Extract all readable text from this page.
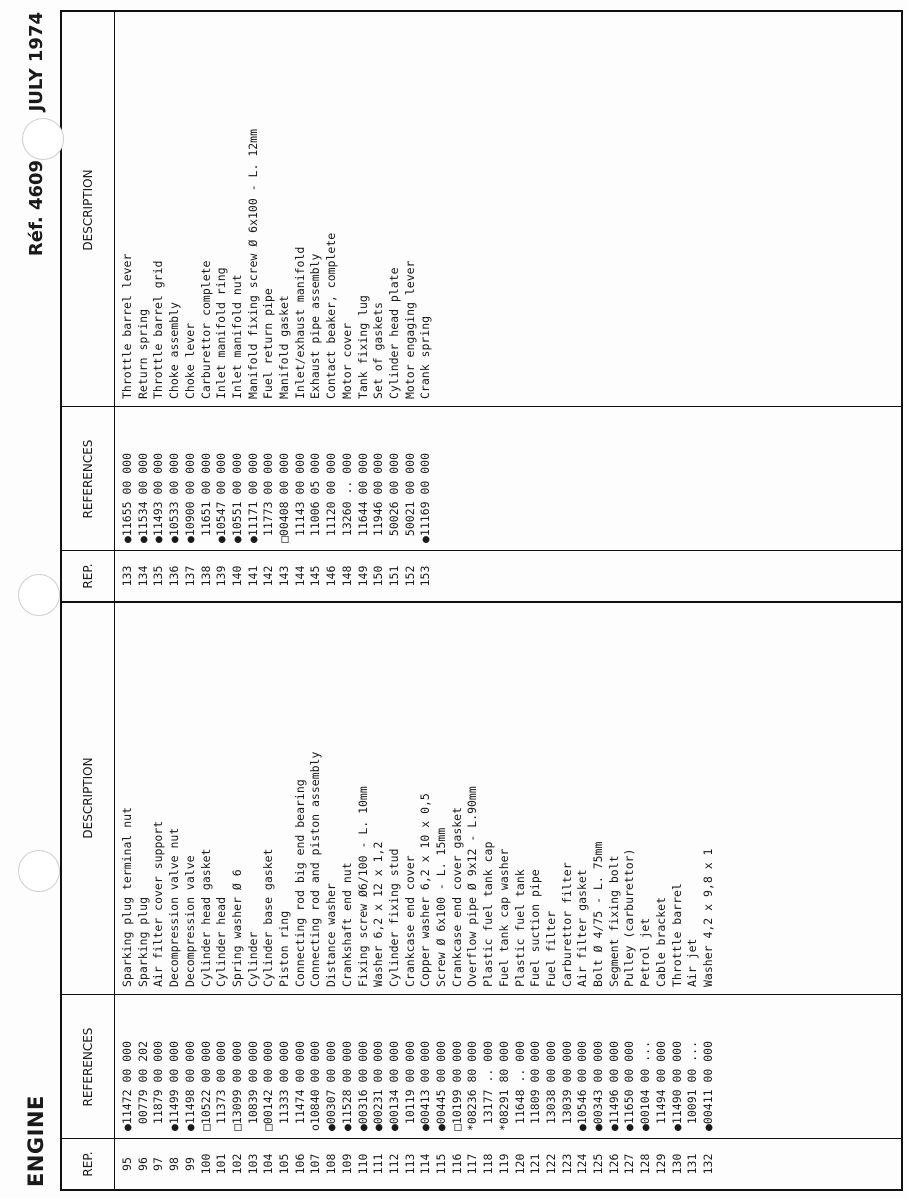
ENGINE
Réf. 4609  JULY 1974
REP.
REFERENCES
DESCRIPTION
95
●11472 00 000
Sparking plug terminal nut
96
00779 00 202
Sparking plug
97
11879 00 000
Air filter cover support
98
●11499 00 000
Decompression valve nut
99
●11498 00 000
Decompression valve
100
□10522 00 000
Cylinder head gasket
101
11373 00 000
Cylinder head
102
□13099 00 000
Spring washer Ø 6
103
10839 00 000
Cylinder
104
□00142 00 000
Cylinder base gasket
105
11333 00 000
Piston ring
106
11474 00 000
Connecting rod big end bearing
107
o10840 00 000
Connecting rod and piston assembly
108
●00307 00 000
Distance washer
109
●11528 00 000
Crankshaft end nut
110
●00316 00 000
Fixing screw Ø6/100 - L. 10mm
111
●00231 00 000
Washer 6,2 x 12 x 1,2
112
●00134 00 000
Cylinder fixing stud
113
10119 00 000
Crankcase end cover
114
●00413 00 000
Copper washer 6,2 x 10 x 0,5
115
●00445 00 000
Screw Ø 6x100 - L. 15mm
116
□10199 00 000
Crankcase end cover gasket
117
*08236 80 000
Overflow pipe Ø 9x12 - L.90mm
118
13177 .. 000
Plastic fuel tank cap
119
*08291 80 000
Fuel tank cap washer
120
11648 .. 000
Plastic fuel tank
121
11809 00 000
Fuel suction pipe
122
13038 00 000
Fuel filter
123
13039 00 000
Carburettor filter
124
●10546 00 000
Air filter gasket
125
●00343 00 000
Bolt Ø 4/75 - L. 75mm
126
●11496 00 000
Segment fixing bolt
127
●11650 00 000
Pulley (carburettor)
128
●00104 00 ...
Petrol jet
129
11494 00 000
Cable bracket
130
●11490 00 000
Throttle barrel
131
10091 00 ...
Air jet
132
●00411 00 000
Washer 4,2 x 9,8 x 1
REP.
REFERENCES
DESCRIPTION
133
●11655 00 000
Throttle barrel lever
134
●11534 00 000
Return spring
135
●11493 00 000
Throttle barrel grid
136
●10533 00 000
Choke assembly
137
●10900 00 000
Choke lever
138
11651 00 000
Carburettor complete
139
●10547 00 000
Inlet manifold ring
140
●10551 00 000
Inlet manifold nut
141
●11171 00 000
Manifold fixing screw Ø 6x100 - L. 12mm
142
11773 00 000
Fuel return pipe
143
□00408 00 000
Manifold gasket
144
11143 00 000
Inlet/exhaust manifold
145
11006 05 000
Exhaust pipe assembly
146
11120 00 000
Contact beaker, complete
148
13260 .. 000
Motor cover
149
11644 00 000
Tank fixing lug
150
11946 00 000
Set of gaskets
151
50026 00 000
Cylinder head plate
152
50021 00 000
Motor engaging lever
153
●11169 00 000
Crank spring
